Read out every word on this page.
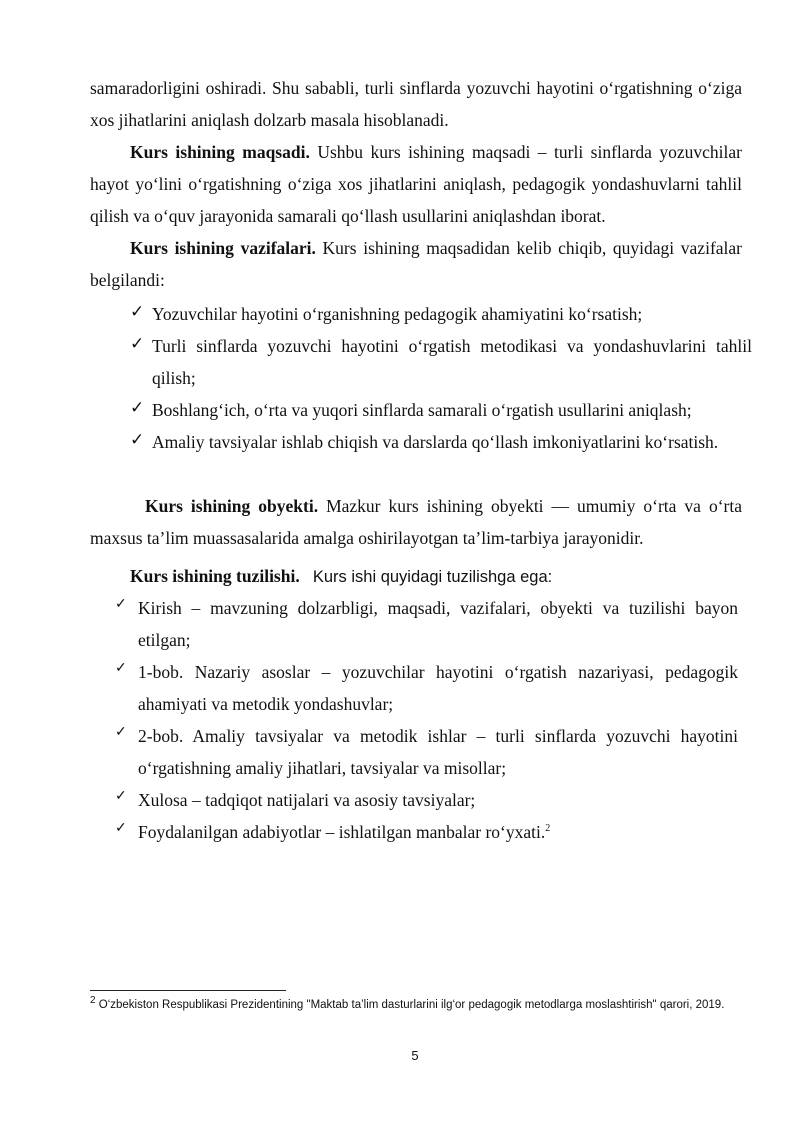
samaradorligini oshiradi. Shu sababli, turli sinflarda yozuvchi hayotini oʻrgatishning oʻziga xos jihatlarini aniqlash dolzarb masala hisoblanadi.
Kurs ishining maqsadi. Ushbu kurs ishining maqsadi – turli sinflarda yozuvchilar hayot yoʻlini oʻrgatishning oʻziga xos jihatlarini aniqlash, pedagogik yondashuvlarni tahlil qilish va oʻquv jarayonida samarali qoʻllash usullarini aniqlashdan iborat.
Kurs ishining vazifalari. Kurs ishining maqsadidan kelib chiqib, quyidagi vazifalar belgilandi:
✓ Yozuvchilar hayotini oʻrganishning pedagogik ahamiyatini koʻrsatish;
✓ Turli sinflarda yozuvchi hayotini oʻrgatish metodikasi va yondashuvlarini tahlil qilish;
✓ Boshlangʻich, oʻrta va yuqori sinflarda samarali oʻrgatish usullarini aniqlash;
✓ Amaliy tavsiyalar ishlab chiqish va darslarda qoʻllash imkoniyatlarini koʻrsatish.
Kurs ishining obyekti. Mazkur kurs ishining obyekti — umumiy oʻrta va oʻrta maxsus taʼlim muassasalarida amalga oshirilayotgan taʼlim-tarbiya jarayonidir.
Kurs ishining tuzilishi. Kurs ishi quyidagi tuzilishga ega:
✓ Kirish – mavzuning dolzarbligi, maqsadi, vazifalari, obyekti va tuzilishi bayon etilgan;
✓ 1-bob. Nazariy asoslar – yozuvchilar hayotini oʻrgatish nazariyasi, pedagogik ahamiyati va metodik yondashuvlar;
✓ 2-bob. Amaliy tavsiyalar va metodik ishlar – turli sinflarda yozuvchi hayotini oʻrgatishning amaliy jihatlari, tavsiyalar va misollar;
✓ Xulosa – tadqiqot natijalari va asosiy tavsiyalar;
✓ Foydalanilgan adabiyotlar – ishlatilgan manbalar roʻyxati.$^2$
2 O‘zbekiston Respublikasi Prezidentining "Maktab ta’lim dasturlarini ilg‘or pedagogik metodlarga moslashtirish" qarori, 2019.
5
